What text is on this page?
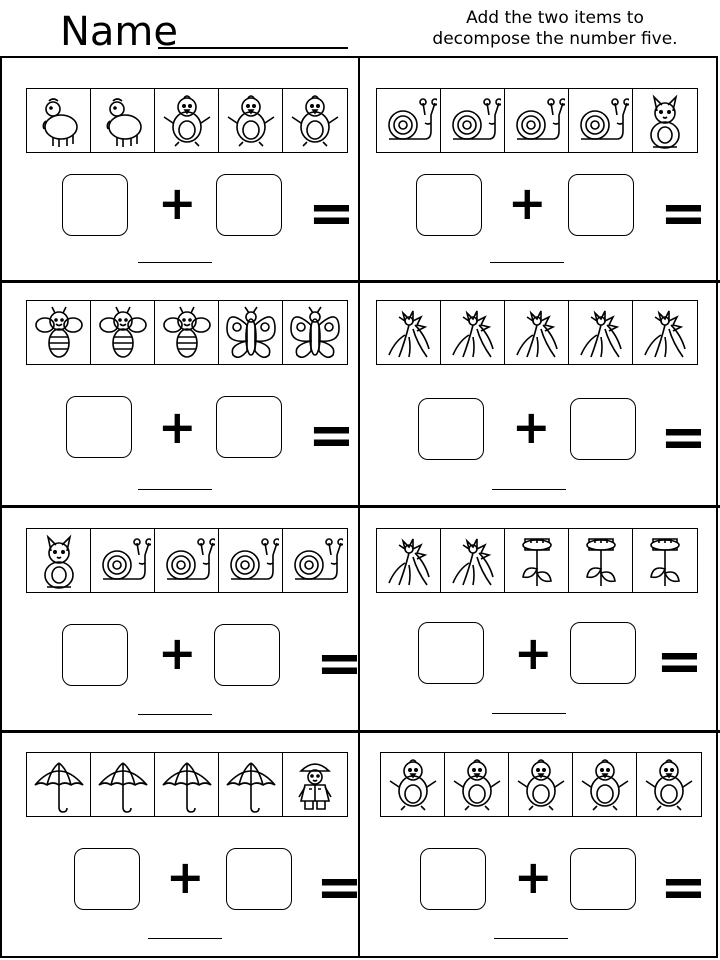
Name	Add the two items to
decompose the number five.
+ =	+ =
+ =	+ =
+ =	+ =
+ =	+ =
